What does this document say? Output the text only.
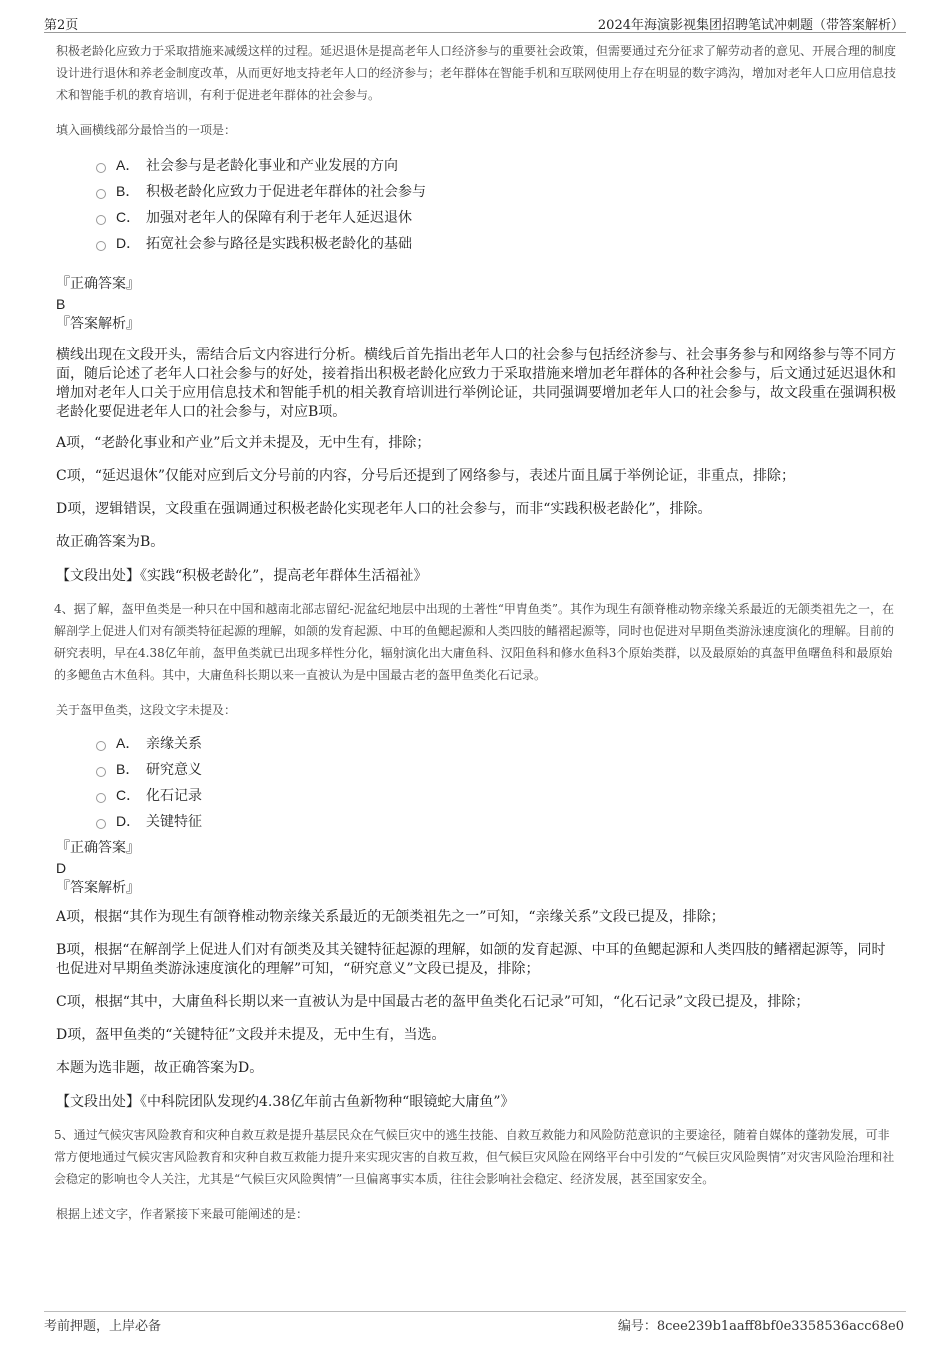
第2页	2024年海演影视集团招聘笔试冲刺题（带答案解析）

积极老龄化应致力于采取措施来减缓这样的过程。延迟退休是提高老年人口经济参与的重要社会政策，但需要通过充分征求了解劳动者的意见、开展合理的制度设计进行退休和养老金制度改革，从而更好地支持老年人口的经济参与；老年群体在智能手机和互联网使用上存在明显的数字鸿沟，增加对老年人口应用信息技术和智能手机的教育培训，有利于促进老年群体的社会参与。

填入画横线部分最恰当的一项是：

A． 社会参与是老龄化事业和产业发展的方向
B． 积极老龄化应致力于促进老年群体的社会参与
C． 加强对老年人的保障有利于老年人延迟退休
D． 拓宽社会参与路径是实践积极老龄化的基础

『正确答案』

B

『答案解析』

横线出现在文段开头，需结合后文内容进行分析。横线后首先指出老年人口的社会参与包括经济参与、社会事务参与和网络参与等不同方面，随后论述了老年人口社会参与的好处，接着指出积极老龄化应致力于采取措施来增加老年群体的各种社会参与，后文通过延迟退休和增加对老年人口关于应用信息技术和智能手机的相关教育培训进行举例论证，共同强调要增加老年人口的社会参与，故文段重在强调积极老龄化要促进老年人口的社会参与，对应B项。

A项，“老龄化事业和产业”后文并未提及，无中生有，排除；

C项，“延迟退休”仅能对应到后文分号前的内容，分号后还提到了网络参与，表述片面且属于举例论证，非重点，排除；

D项，逻辑错误，文段重在强调通过积极老龄化实现老年人口的社会参与，而非“实践积极老龄化”，排除。

故正确答案为B。

【文段出处】《实践“积极老龄化”，提高老年群体生活福祉》

4、据了解，盔甲鱼类是一种只在中国和越南北部志留纪-泥盆纪地层中出现的土著性“甲胄鱼类”。其作为现生有颌脊椎动物亲缘关系最近的无颌类祖先之一，在解剖学上促进人们对有颌类特征起源的理解，如颌的发育起源、中耳的鱼鳃起源和人类四肢的鳍褶起源等，同时也促进对早期鱼类游泳速度演化的理解。目前的研究表明，早在4.38亿年前，盔甲鱼类就已出现多样性分化，辐射演化出大庸鱼科、汉阳鱼科和修水鱼科3个原始类群，以及最原始的真盔甲鱼曙鱼科和最原始的多鳃鱼古木鱼科。其中，大庸鱼科长期以来一直被认为是中国最古老的盔甲鱼类化石记录。

关于盔甲鱼类，这段文字未提及：

A． 亲缘关系
B． 研究意义
C． 化石记录
D． 关键特征

『正确答案』

D

『答案解析』

A项，根据“其作为现生有颌脊椎动物亲缘关系最近的无颌类祖先之一”可知，“亲缘关系”文段已提及，排除；

B项，根据“在解剖学上促进人们对有颌类及其关键特征起源的理解，如颌的发育起源、中耳的鱼鳃起源和人类四肢的鳍褶起源等，同时也促进对早期鱼类游泳速度演化的理解”可知，“研究意义”文段已提及，排除；

C项，根据“其中，大庸鱼科长期以来一直被认为是中国最古老的盔甲鱼类化石记录”可知，“化石记录”文段已提及，排除；

D项，盔甲鱼类的“关键特征”文段并未提及，无中生有，当选。

本题为选非题，故正确答案为D。

【文段出处】《中科院团队发现约4.38亿年前古鱼新物种“眼镜蛇大庸鱼”》

5、通过气候灾害风险教育和灾种自救互救是提升基层民众在气候巨灾中的逃生技能、自救互救能力和风险防范意识的主要途径，随着自媒体的蓬勃发展，可非常方便地通过气候灾害风险教育和灾种自救互救能力提升来实现灾害的自救互救，但气候巨灾风险在网络平台中引发的“气候巨灾风险舆情”对灾害风险治理和社会稳定的影响也令人关注，尤其是“气候巨灾风险舆情”一旦偏离事实本质，往往会影响社会稳定、经济发展，甚至国家安全。

根据上述文字，作者紧接下来最可能阐述的是：

考前押题，上岸必备	编号：8cee239b1aaff8bf0e3358536acc68e0
